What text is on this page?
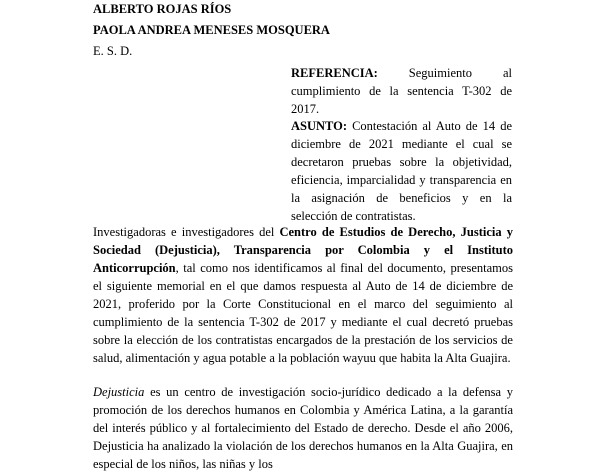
ALBERTO ROJAS RÍOS
PAOLA ANDREA MENESES MOSQUERA
E. S. D.

REFERENCIA: Seguimiento al cumplimiento de la sentencia T-302 de 2017.

ASUNTO: Contestación al Auto de 14 de diciembre de 2021 mediante el cual se decretaron pruebas sobre la objetividad, eficiencia, imparcialidad y transparencia en la asignación de beneficios y en la selección de contratistas.

Investigadoras e investigadores del Centro de Estudios de Derecho, Justicia y Sociedad (Dejusticia), Transparencia por Colombia y el Instituto Anticorrupción, tal como nos identificamos al final del documento, presentamos el siguiente memorial en el que damos respuesta al Auto de 14 de diciembre de 2021, proferido por la Corte Constitucional en el marco del seguimiento al cumplimiento de la sentencia T-302 de 2017 y mediante el cual decretó pruebas sobre la elección de los contratistas encargados de la prestación de los servicios de salud, alimentación y agua potable a la población wayuu que habita la Alta Guajira.

Dejusticia es un centro de investigación socio-jurídico dedicado a la defensa y promoción de los derechos humanos en Colombia y América Latina, a la garantía del interés público y al fortalecimiento del Estado de derecho. Desde el año 2006, Dejusticia ha analizado la violación de los derechos humanos en la Alta Guajira, en especial de los niños, las niñas y los
